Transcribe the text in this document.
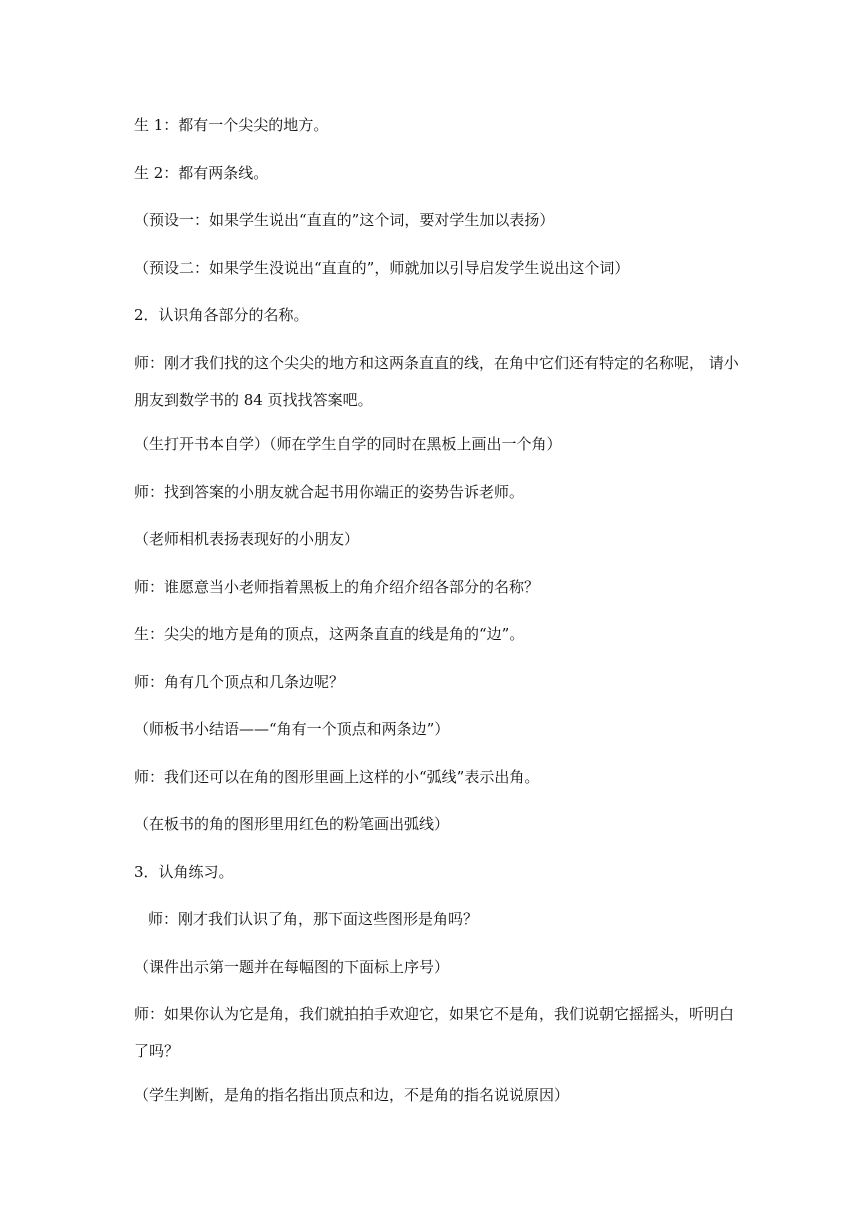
生 1：都有一个尖尖的地方。

生 2：都有两条线。

（预设一：如果学生说出“直直的”这个词，要对学生加以表扬）

（预设二：如果学生没说出“直直的”，师就加以引导启发学生说出这个词）

2．认识角各部分的名称。

师：刚才我们找的这个尖尖的地方和这两条直直的线，在角中它们还有特定的名称呢， 请小朋友到数学书的 84 页找找答案吧。

（生打开书本自学）（师在学生自学的同时在黑板上画出一个角）

师：找到答案的小朋友就合起书用你端正的姿势告诉老师。

（老师相机表扬表现好的小朋友）

师：谁愿意当小老师指着黑板上的角介绍介绍各部分的名称？

生：尖尖的地方是角的顶点，这两条直直的线是角的“边”。

师：角有几个顶点和几条边呢？

（师板书小结语——“角有一个顶点和两条边”）

师：我们还可以在角的图形里画上这样的小“弧线”表示出角。

（在板书的角的图形里用红色的粉笔画出弧线）

3．认角练习。

师：刚才我们认识了角，那下面这些图形是角吗？

（课件出示第一题并在每幅图的下面标上序号）

师：如果你认为它是角，我们就拍拍手欢迎它，如果它不是角，我们说朝它摇摇头，听明白了吗？

（学生判断，是角的指名指出顶点和边，不是角的指名说说原因）
